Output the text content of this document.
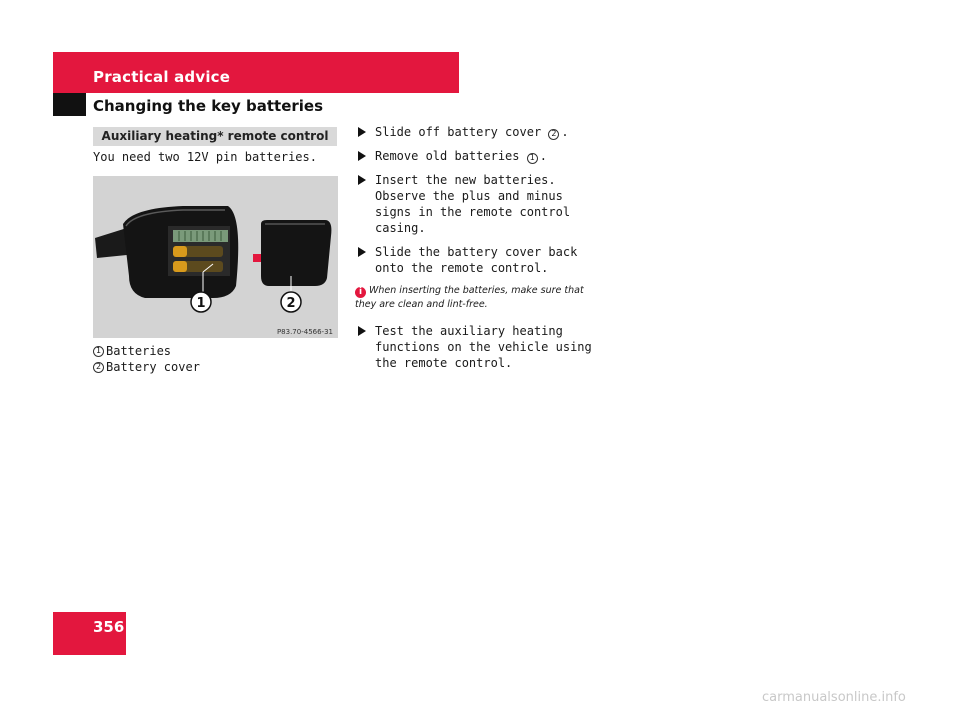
Practical advice
Changing the key batteries
Auxiliary heating* remote control
You need two 12V pin batteries.
1	2
P83.70-4566-31
1 Batteries
2 Battery cover
Slide off battery cover 2 .
Remove old batteries 1 .
Insert the new batteries. Observe the plus and minus signs in the remote control casing.
Slide the battery cover back onto the remote control.
i When inserting the batteries, make sure that they are clean and lint-free.
Test the auxiliary heating functions on the vehicle using the remote control.
356
carmanualsonline.info
